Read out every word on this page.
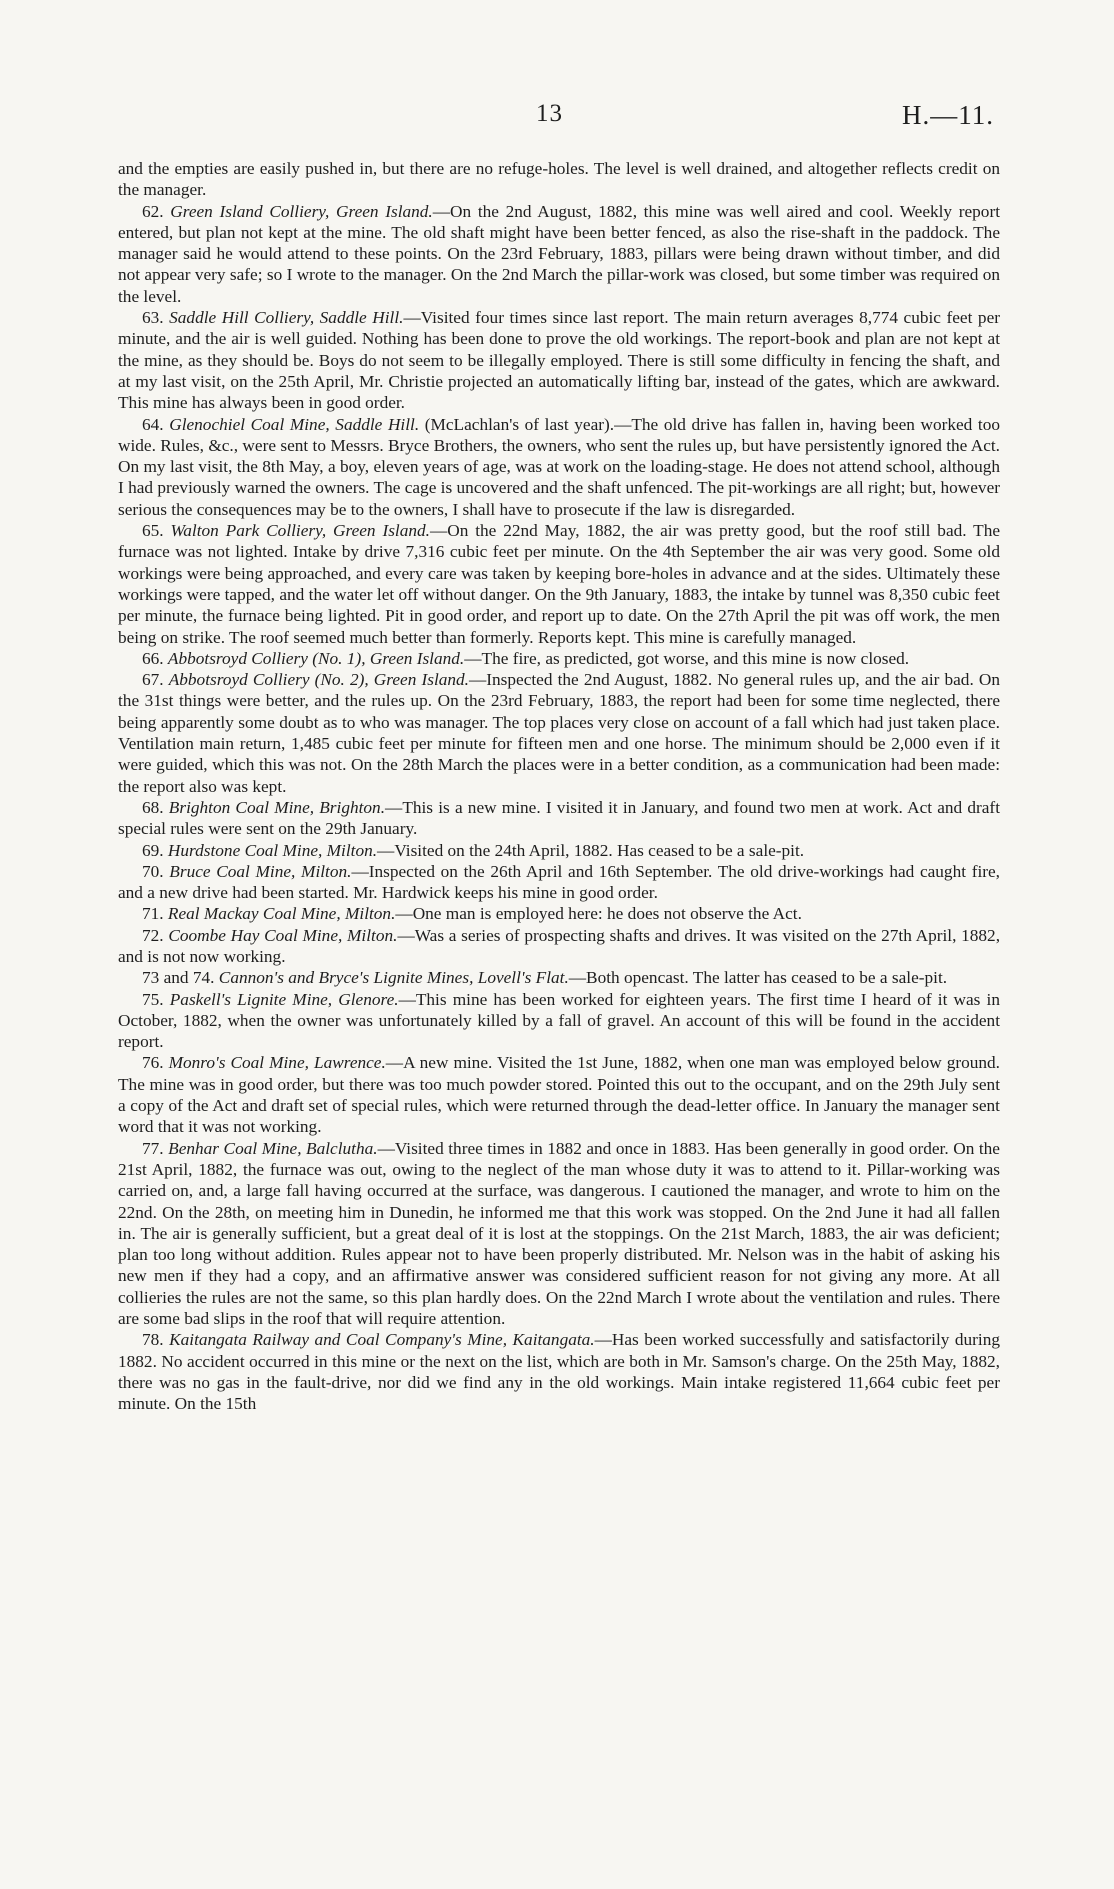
13	H.—11.

and the empties are easily pushed in, but there are no refuge-holes. The level is well drained, and altogether reflects credit on the manager.

62. Green Island Colliery, Green Island.—On the 2nd August, 1882, this mine was well aired and cool. Weekly report entered, but plan not kept at the mine. The old shaft might have been better fenced, as also the rise-shaft in the paddock. The manager said he would attend to these points. On the 23rd February, 1883, pillars were being drawn without timber, and did not appear very safe; so I wrote to the manager. On the 2nd March the pillar-work was closed, but some timber was required on the level.

63. Saddle Hill Colliery, Saddle Hill.—Visited four times since last report. The main return averages 8,774 cubic feet per minute, and the air is well guided. Nothing has been done to prove the old workings. The report-book and plan are not kept at the mine, as they should be. Boys do not seem to be illegally employed. There is still some difficulty in fencing the shaft, and at my last visit, on the 25th April, Mr. Christie projected an automatically lifting bar, instead of the gates, which are awkward. This mine has always been in good order.

64. Glenochiel Coal Mine, Saddle Hill. (McLachlan's of last year).—The old drive has fallen in, having been worked too wide. Rules, &c., were sent to Messrs. Bryce Brothers, the owners, who sent the rules up, but have persistently ignored the Act. On my last visit, the 8th May, a boy, eleven years of age, was at work on the loading-stage. He does not attend school, although I had previously warned the owners. The cage is uncovered and the shaft unfenced. The pit-workings are all right; but, however serious the consequences may be to the owners, I shall have to prosecute if the law is disregarded.

65. Walton Park Colliery, Green Island.—On the 22nd May, 1882, the air was pretty good, but the roof still bad. The furnace was not lighted. Intake by drive 7,316 cubic feet per minute. On the 4th September the air was very good. Some old workings were being approached, and every care was taken by keeping bore-holes in advance and at the sides. Ultimately these workings were tapped, and the water let off without danger. On the 9th January, 1883, the intake by tunnel was 8,350 cubic feet per minute, the furnace being lighted. Pit in good order, and report up to date. On the 27th April the pit was off work, the men being on strike. The roof seemed much better than formerly. Reports kept. This mine is carefully managed.

66. Abbotsroyd Colliery (No. 1), Green Island.—The fire, as predicted, got worse, and this mine is now closed.

67. Abbotsroyd Colliery (No. 2), Green Island.—Inspected the 2nd August, 1882. No general rules up, and the air bad. On the 31st things were better, and the rules up. On the 23rd February, 1883, the report had been for some time neglected, there being apparently some doubt as to who was manager. The top places very close on account of a fall which had just taken place. Ventilation main return, 1,485 cubic feet per minute for fifteen men and one horse. The minimum should be 2,000 even if it were guided, which this was not. On the 28th March the places were in a better condition, as a communication had been made: the report also was kept.

68. Brighton Coal Mine, Brighton.—This is a new mine. I visited it in January, and found two men at work. Act and draft special rules were sent on the 29th January.

69. Hurdstone Coal Mine, Milton.—Visited on the 24th April, 1882. Has ceased to be a sale-pit.

70. Bruce Coal Mine, Milton.—Inspected on the 26th April and 16th September. The old drive-workings had caught fire, and a new drive had been started. Mr. Hardwick keeps his mine in good order.

71. Real Mackay Coal Mine, Milton.—One man is employed here: he does not observe the Act.

72. Coombe Hay Coal Mine, Milton.—Was a series of prospecting shafts and drives. It was visited on the 27th April, 1882, and is not now working.

73 and 74. Cannon's and Bryce's Lignite Mines, Lovell's Flat.—Both opencast. The latter has ceased to be a sale-pit.

75. Paskell's Lignite Mine, Glenore.—This mine has been worked for eighteen years. The first time I heard of it was in October, 1882, when the owner was unfortunately killed by a fall of gravel. An account of this will be found in the accident report.

76. Monro's Coal Mine, Lawrence.—A new mine. Visited the 1st June, 1882, when one man was employed below ground. The mine was in good order, but there was too much powder stored. Pointed this out to the occupant, and on the 29th July sent a copy of the Act and draft set of special rules, which were returned through the dead-letter office. In January the manager sent word that it was not working.

77. Benhar Coal Mine, Balclutha.—Visited three times in 1882 and once in 1883. Has been generally in good order. On the 21st April, 1882, the furnace was out, owing to the neglect of the man whose duty it was to attend to it. Pillar-working was carried on, and, a large fall having occurred at the surface, was dangerous. I cautioned the manager, and wrote to him on the 22nd. On the 28th, on meeting him in Dunedin, he informed me that this work was stopped. On the 2nd June it had all fallen in. The air is generally sufficient, but a great deal of it is lost at the stoppings. On the 21st March, 1883, the air was deficient; plan too long without addition. Rules appear not to have been properly distributed. Mr. Nelson was in the habit of asking his new men if they had a copy, and an affirmative answer was considered sufficient reason for not giving any more. At all collieries the rules are not the same, so this plan hardly does. On the 22nd March I wrote about the ventilation and rules. There are some bad slips in the roof that will require attention.

78. Kaitangata Railway and Coal Company's Mine, Kaitangata.—Has been worked successfully and satisfactorily during 1882. No accident occurred in this mine or the next on the list, which are both in Mr. Samson's charge. On the 25th May, 1882, there was no gas in the fault-drive, nor did we find any in the old workings. Main intake registered 11,664 cubic feet per minute. On the 15th
